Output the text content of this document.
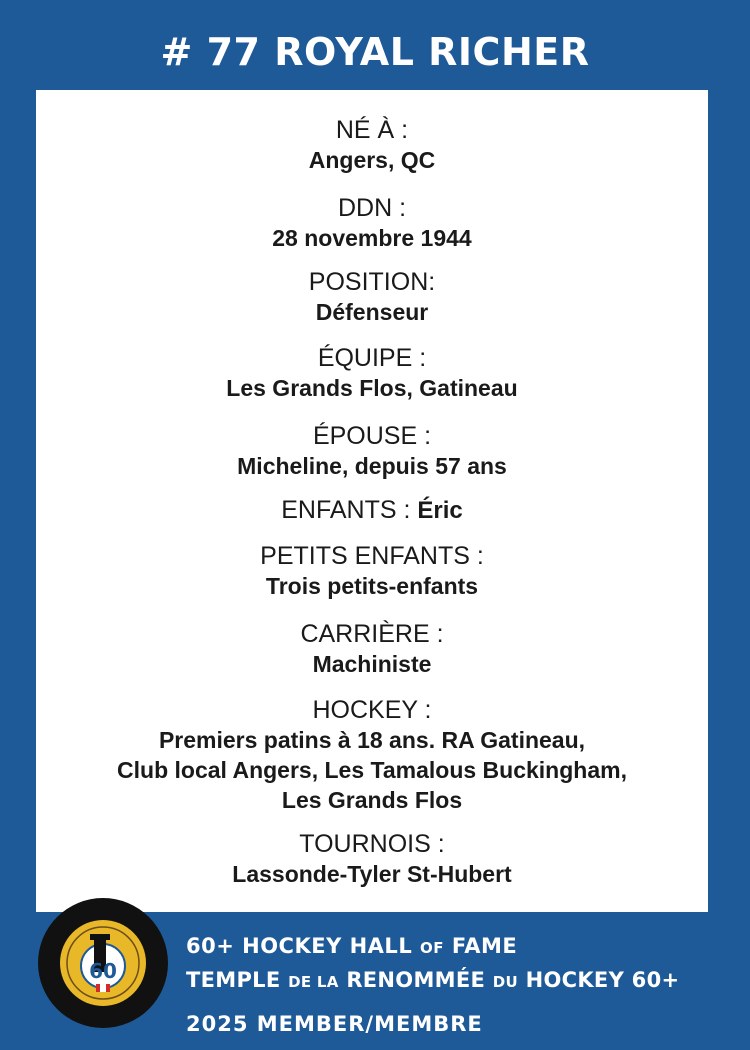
# 77 ROYAL RICHER
NÉ À :
Angers, QC
DDN :
28 novembre 1944
POSITION:
Défenseur
ÉQUIPE :
Les Grands Flos, Gatineau
ÉPOUSE :
Micheline, depuis 57 ans
ENFANTS : Éric
PETITS ENFANTS :
Trois petits-enfants
CARRIÈRE :
Machiniste
HOCKEY :
Premiers patins à 18 ans. RA Gatineau,
Club local Angers, Les Tamalous Buckingham,
Les Grands Flos
TOURNOIS :
Lassonde-Tyler St-Hubert
60
60+ HOCKEY HALL OF FAME
TEMPLE DE LA RENOMMÉE DU HOCKEY 60+
2025 MEMBER/MEMBRE
